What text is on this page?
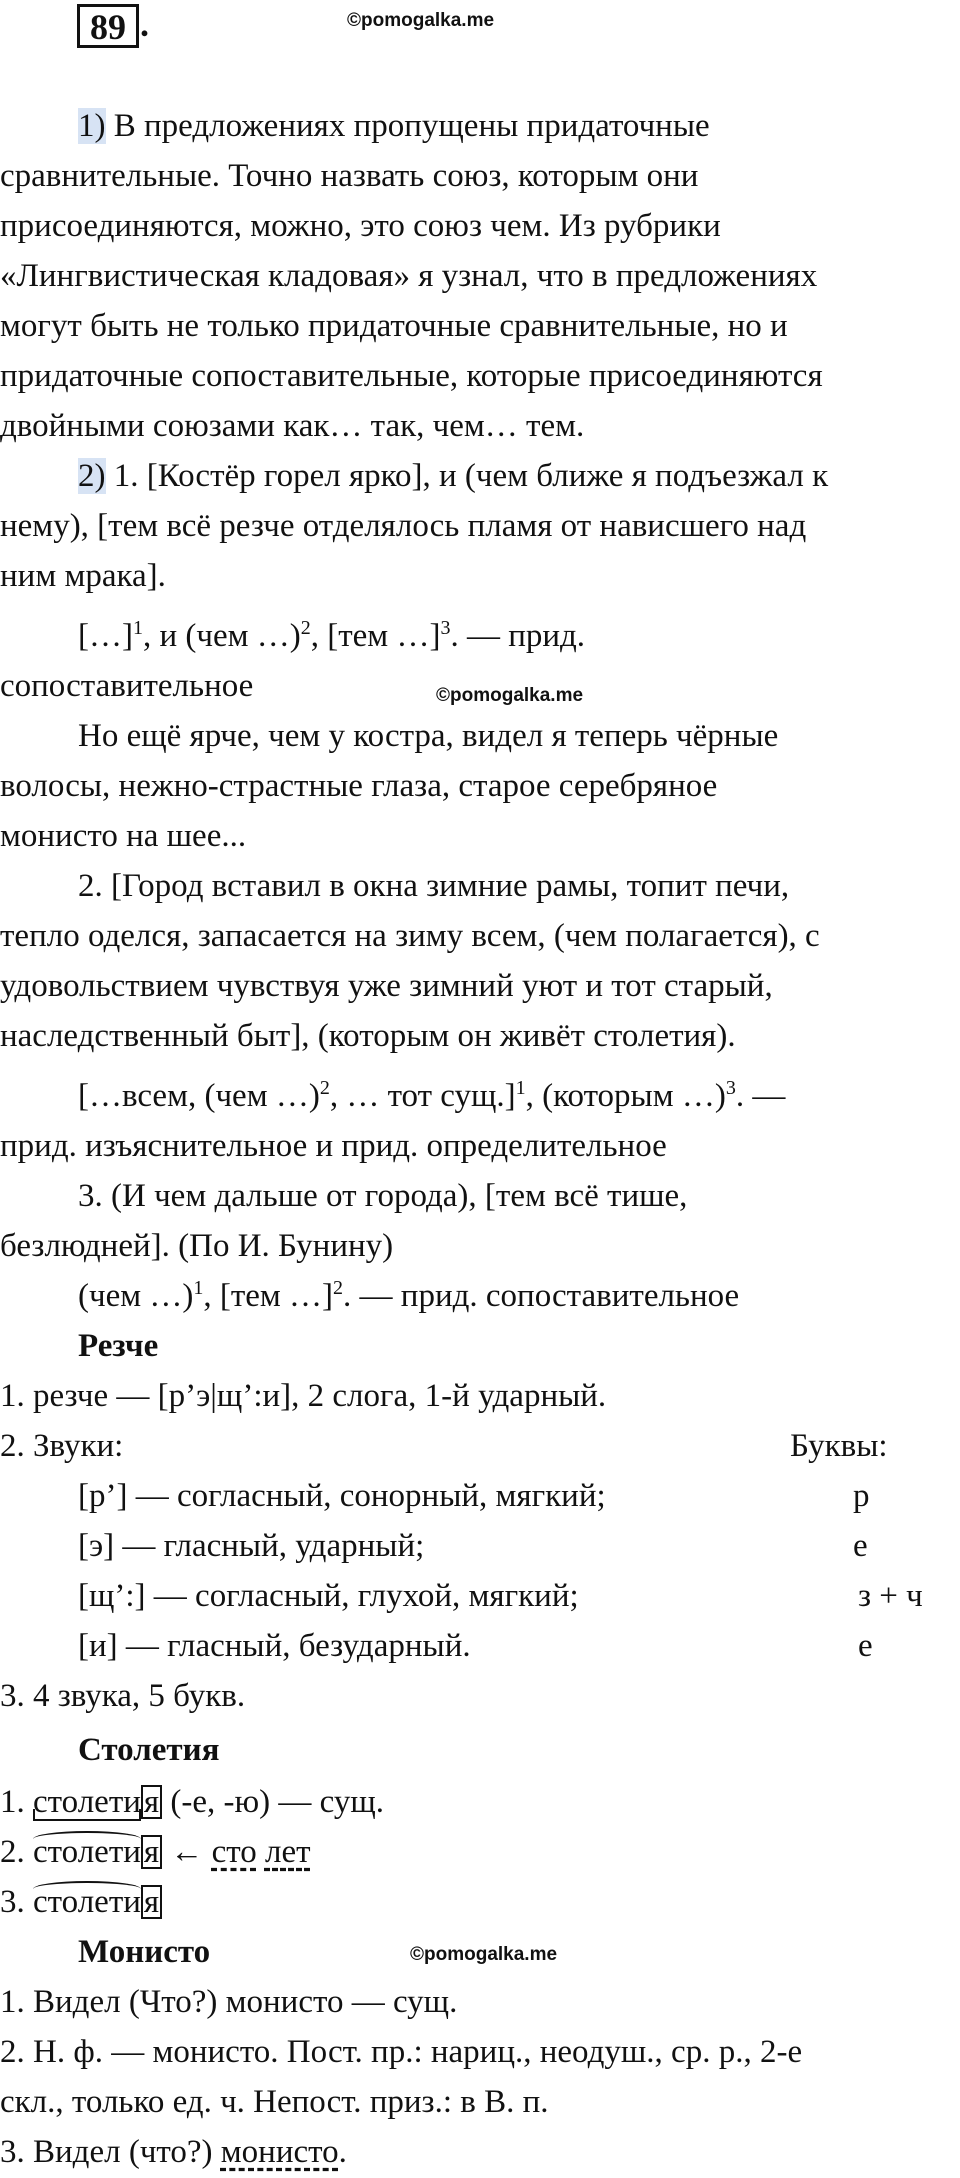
89 .	©pomogalka.me
1) В предложениях пропущены придаточные
сравнительные. Точно назвать союз, которым они
присоединяются, можно, это союз чем. Из рубрики
«Лингвистическая кладовая» я узнал, что в предложениях
могут быть не только придаточные сравнительные, но и
придаточные сопоставительные, которые присоединяются
двойными союзами как… так, чем… тем.
2) 1. [Костёр горел ярко], и (чем ближе я подъезжал к
нему), [тем всё резче отделялось пламя от нависшего над
ним мрака].
[…]$^1$, и (чем …)$^2$, [тем …]$^3$. — прид.
сопоставительное	©pomogalka.me
Но ещё ярче, чем у костра, видел я теперь чёрные
волосы, нежно-страстные глаза, старое серебряное
монисто на шее...
2. [Город вставил в окна зимние рамы, топит печи,
тепло оделся, запасается на зиму всем, (чем полагается), с
удовольствием чувствуя уже зимний уют и тот старый,
наследственный быт], (которым он живёт столетия).
[…всем, (чем …)$^2$, … тот сущ.]$^1$, (которым …)$^3$. —
прид. изъяснительное и прид. определительное
3. (И чем дальше от города), [тем всё тише,
безлюдней]. (По И. Бунину)
(чем …)$^1$, [тем …]$^2$. — прид. сопоставительное
Резче
1. резче — [р’э|щ’:и], 2 слога, 1-й ударный.
2. Звуки:	Буквы:
[р’] — согласный, сонорный, мягкий;	р
[э] — гласный, ударный;	е
[щ’:] — согласный, глухой, мягкий;	з + ч
[и] — гласный, безударный.	е
3. 4 звука, 5 букв.
Столетия
1. столетия (-е, -ю) — сущ.
2. столетия ← сто лет
3. столетия
Монисто	©pomogalka.me
1. Видел (Что?) монисто — сущ.
2. Н. ф. — монисто. Пост. пр.: нариц., неодуш., ср. р., 2-е
скл., только ед. ч. Непост. приз.: в В. п.
3. Видел (что?) монисто.
